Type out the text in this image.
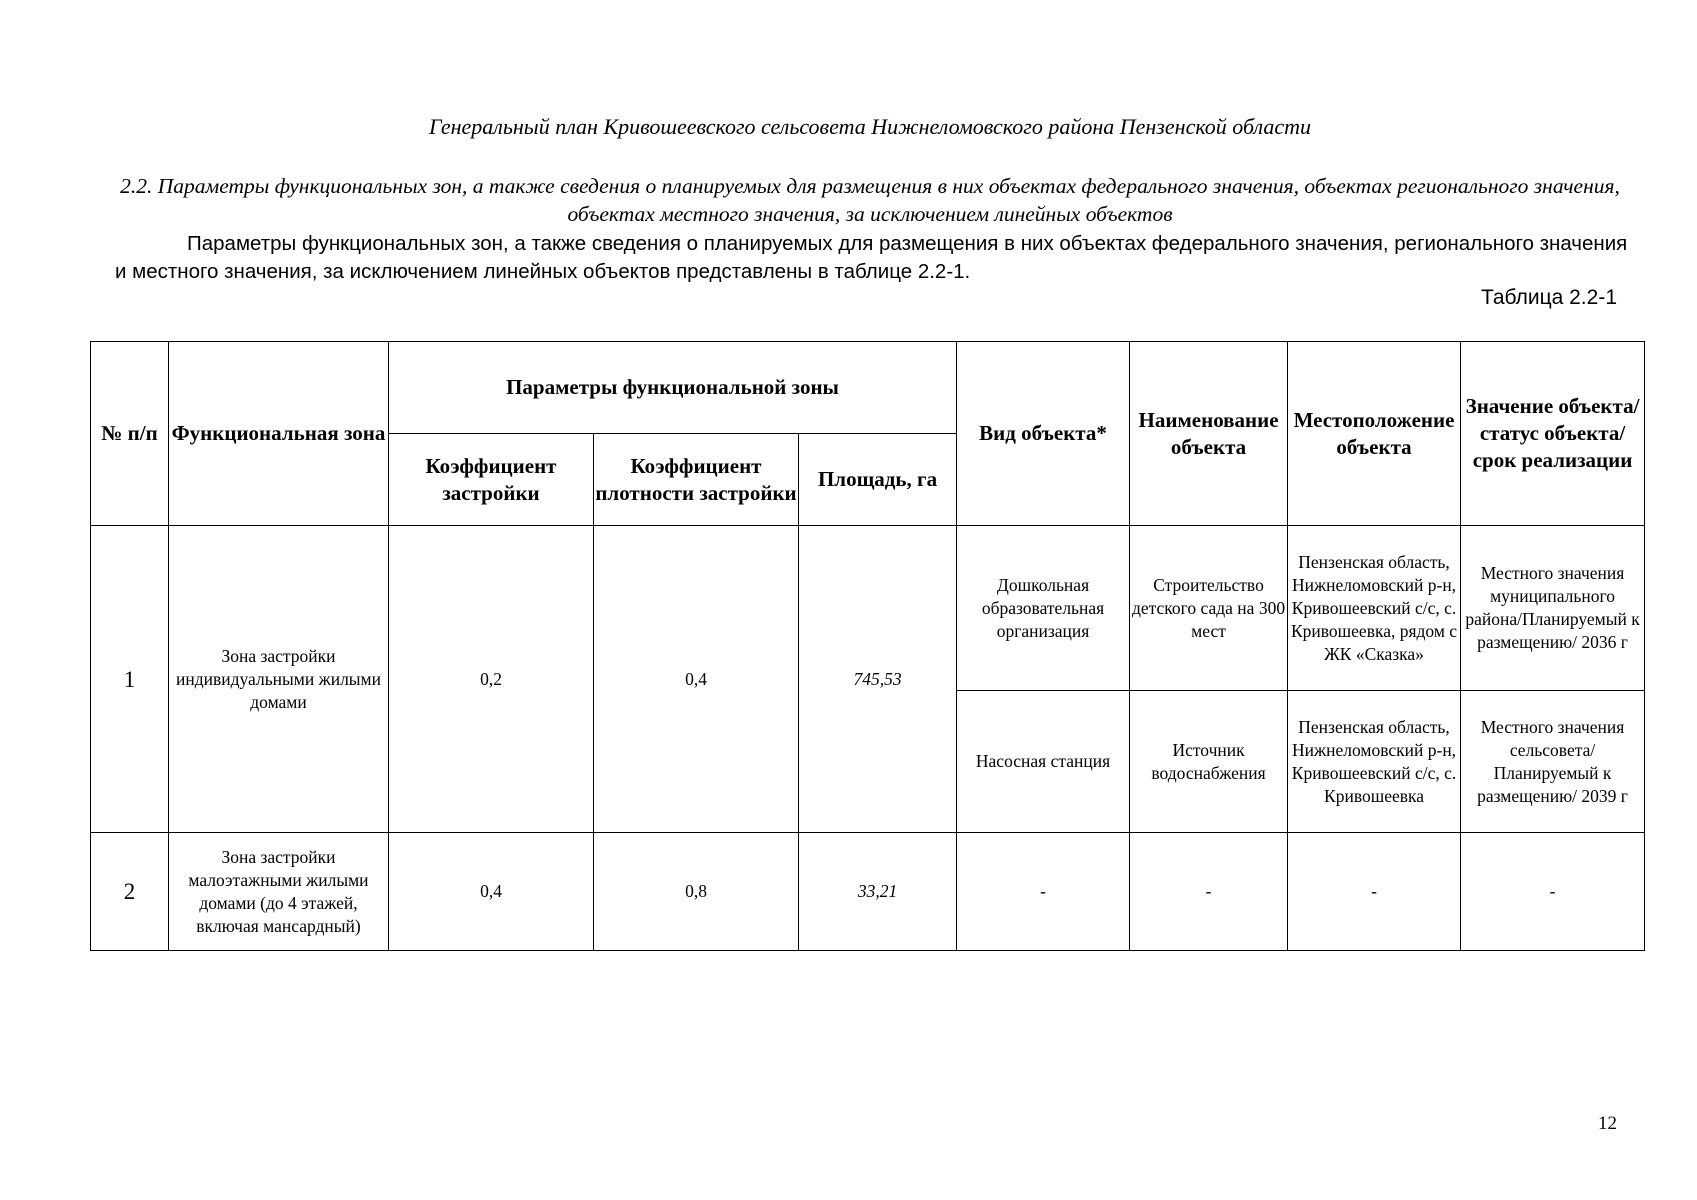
Генеральный план Кривошеевского сельсовета Нижнеломовского района Пензенской области
2.2. Параметры функциональных зон, а также сведения о планируемых для размещения в них объектах федерального значения, объектах регионального значения, объектах местного значения, за исключением линейных объектов
Параметры функциональных зон, а также сведения о планируемых для размещения в них объектах федерального значения, регионального значения и местного значения, за исключением линейных объектов представлены в таблице 2.2-1.
Таблица 2.2-1
№ п/п	Функциональная зона	Параметры функциональной зоны			Вид объекта*	Наименование объекта	Местоположение объекта	Значение объекта/ статус объекта/ срок реализации
		Коэффициент застройки	Коэффициент плотности застройки	Площадь, га				
1	Зона застройки индивидуальными жилыми домами	0,2	0,4	745,53	Дошкольная образовательная организация	Строительство детского сада на 300 мест	Пензенская область, Нижнеломовский р-н, Кривошеевский с/с, с. Кривошеевка, рядом с ЖК «Сказка»	Местного значения муниципального района/Планируемый к размещению/ 2036 г
					Насосная станция	Источник водоснабжения	Пензенская область, Нижнеломовский р-н, Кривошеевский с/с, с. Кривошеевка	Местного значения сельсовета/ Планируемый к размещению/ 2039 г
2	Зона застройки малоэтажными жилыми домами (до 4 этажей, включая мансардный)	0,4	0,8	33,21	-	-	-	-
12
